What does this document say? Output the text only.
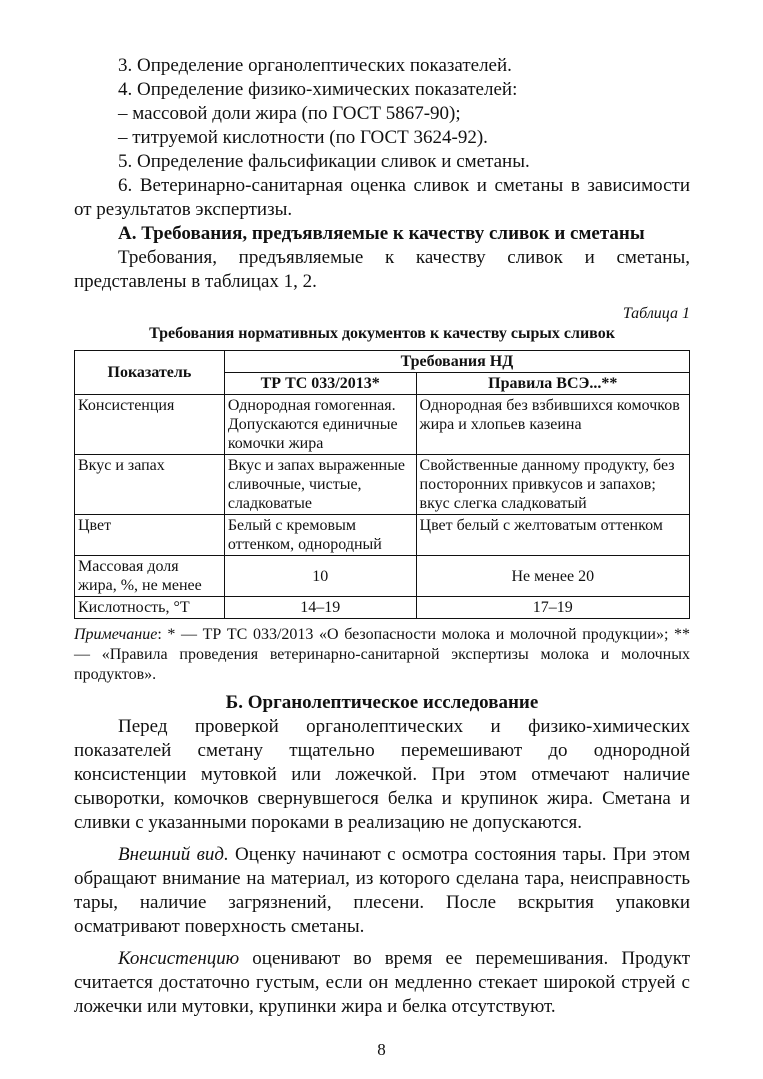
3. Определение органолептических показателей.

4. Определение физико-химических показателей:

– массовой доли жира (по ГОСТ 5867-90);

– титруемой кислотности (по ГОСТ 3624-92).

5. Определение фальсификации сливок и сметаны.

6. Ветеринарно-санитарная оценка сливок и сметаны в зависимости от результатов экспертизы.

А. Требования, предъявляемые к качеству сливок и сметаны

Требования, предъявляемые к качеству сливок и сметаны, представлены в таблицах 1, 2.

Таблица 1

Требования нормативных документов к качеству сырых сливок

Показатель	Требования НД	
	ТР ТС 033/2013*	Правила ВСЭ...**
Консистенция	Однородная гомогенная. Допускаются единичные комочки жира	Однородная без взбившихся комочков жира и хлопьев казеина
Вкус и запах	Вкус и запах выраженные сливочные, чистые, сладковатые	Свойственные данному продукту, без посторонних привкусов и запахов; вкус слегка сладковатый
Цвет	Белый с кремовым оттенком, однородный	Цвет белый с желтоватым оттенком
Массовая доля жира, %, не менее	10	Не менее 20
Кислотность, °Т	14–19	17–19

Примечание: * — ТР ТС 033/2013 «О безопасности молока и молочной продукции»; ** — «Правила проведения ветеринарно-санитарной экспертизы молока и молочных продуктов».

Б. Органолептическое исследование

Перед проверкой органолептических и физико-химических показателей сметану тщательно перемешивают до однородной консистенции мутовкой или ложечкой. При этом отмечают наличие сыворотки, комочков свернувшегося белка и крупинок жира. Сметана и сливки с указанными пороками в реализацию не допускаются.

Внешний вид. Оценку начинают с осмотра состояния тары. При этом обращают внимание на материал, из которого сделана тара, неисправность тары, наличие загрязнений, плесени. После вскрытия упаковки осматривают поверхность сметаны.

Консистенцию оценивают во время ее перемешивания. Продукт считается достаточно густым, если он медленно стекает широкой струей с ложечки или мутовки, крупинки жира и белка отсутствуют.

8
